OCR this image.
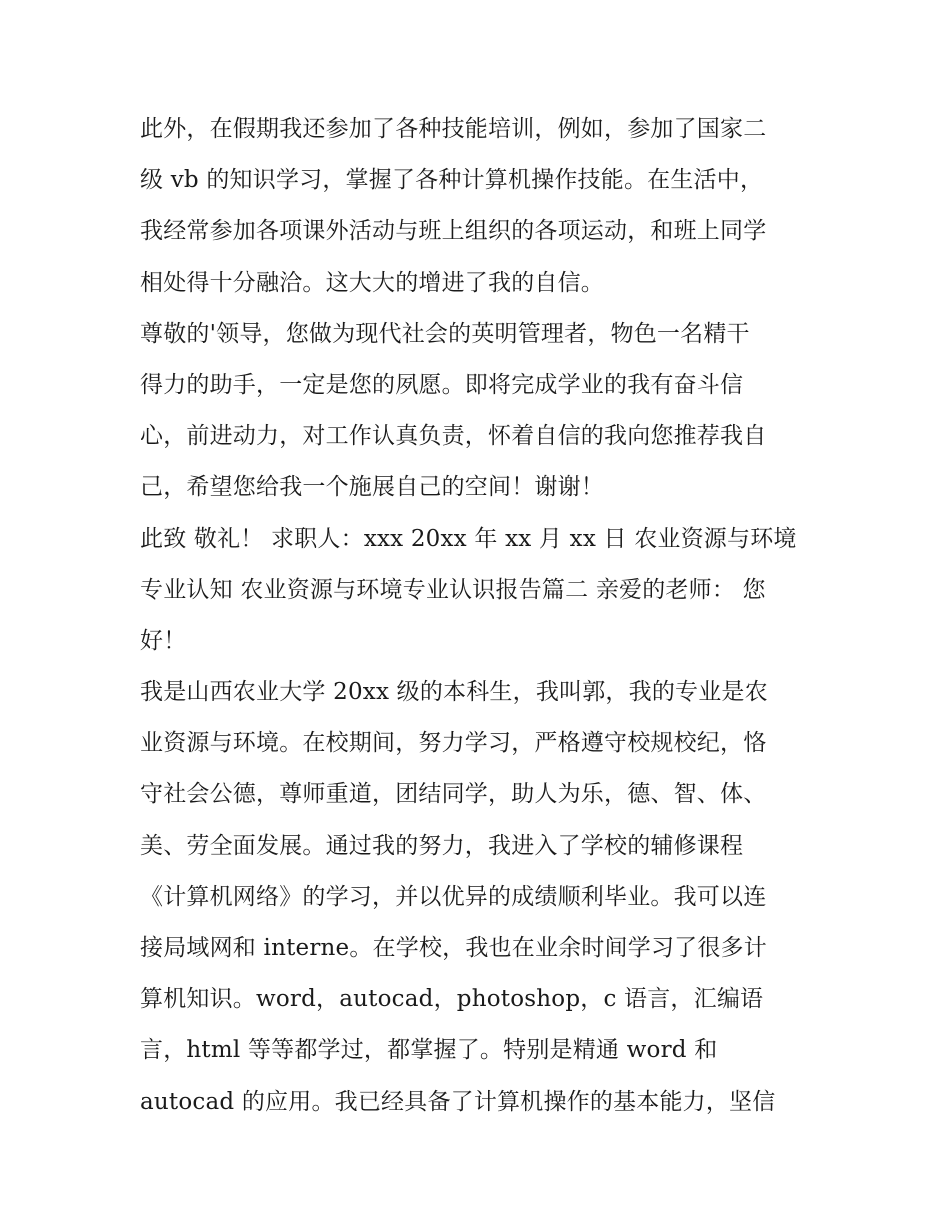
此外，在假期我还参加了各种技能培训，例如，参加了国家二
级 vb 的知识学习，掌握了各种计算机操作技能。在生活中，
我经常参加各项课外活动与班上组织的各项运动，和班上同学
相处得十分融洽。这大大的增进了我的自信。
尊敬的'领导，您做为现代社会的英明管理者，物色一名精干
得力的助手，一定是您的夙愿。即将完成学业的我有奋斗信
心，前进动力，对工作认真负责，怀着自信的我向您推荐我自
己，希望您给我一个施展自己的空间！谢谢！
此致 敬礼！ 求职人：xxx 20xx 年 xx 月 xx 日 农业资源与环境
专业认知 农业资源与环境专业认识报告篇二 亲爱的老师： 您
好！
我是山西农业大学 20xx 级的本科生，我叫郭，我的专业是农
业资源与环境。在校期间，努力学习，严格遵守校规校纪，恪
守社会公德，尊师重道，团结同学，助人为乐，德、智、体、
美、劳全面发展。通过我的努力，我进入了学校的辅修课程
《计算机网络》的学习，并以优异的成绩顺利毕业。我可以连
接局域网和 interne。在学校，我也在业余时间学习了很多计
算机知识。word，autocad，photoshop，c 语言，汇编语
言，html 等等都学过，都掌握了。特别是精通 word 和
autocad 的应用。我已经具备了计算机操作的基本能力，坚信
